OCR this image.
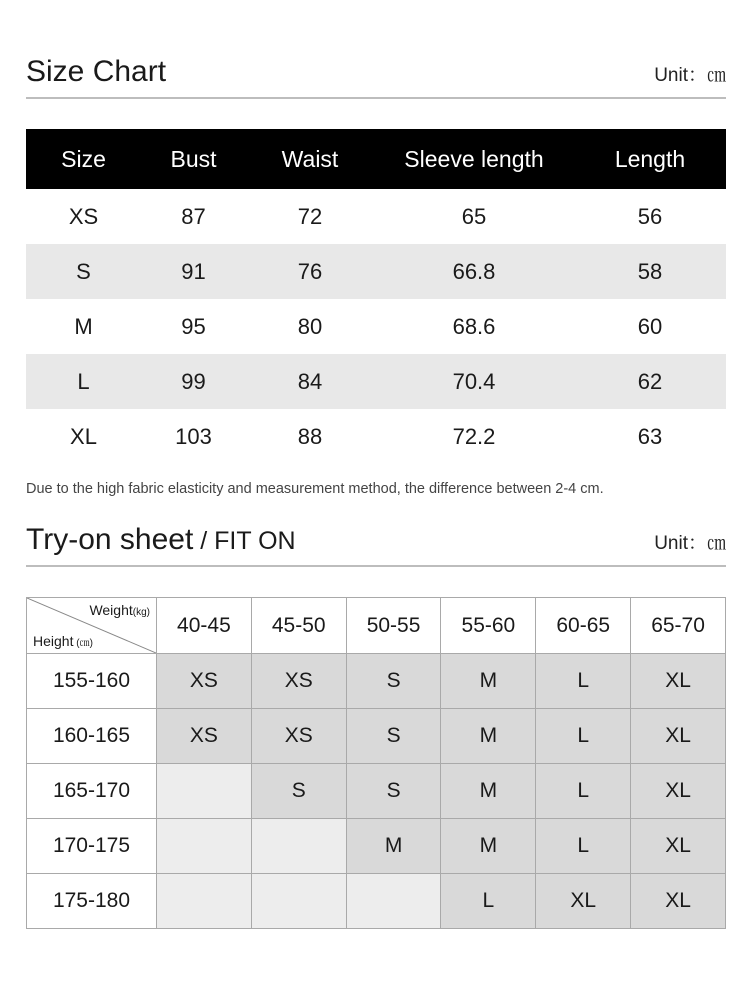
Size Chart	Unit：㎝
Size	Bust	Waist	Sleeve length	Length
XS	87	72	65	56
S	91	76	66.8	58
M	95	80	68.6	60
L	99	84	70.4	62
XL	103	88	72.2	63
Due to the high fabric elasticity and measurement method, the difference between 2-4 cm.
Try-on sheet / FIT ON	Unit：㎝
Weight(kg)
Height (㎝)	40-45	45-50	50-55	55-60	60-65	65-70
155-160	XS	XS	S	M	L	XL
160-165	XS	XS	S	M	L	XL
165-170		S	S	M	L	XL
170-175			M	M	L	XL
175-180				L	XL	XL
